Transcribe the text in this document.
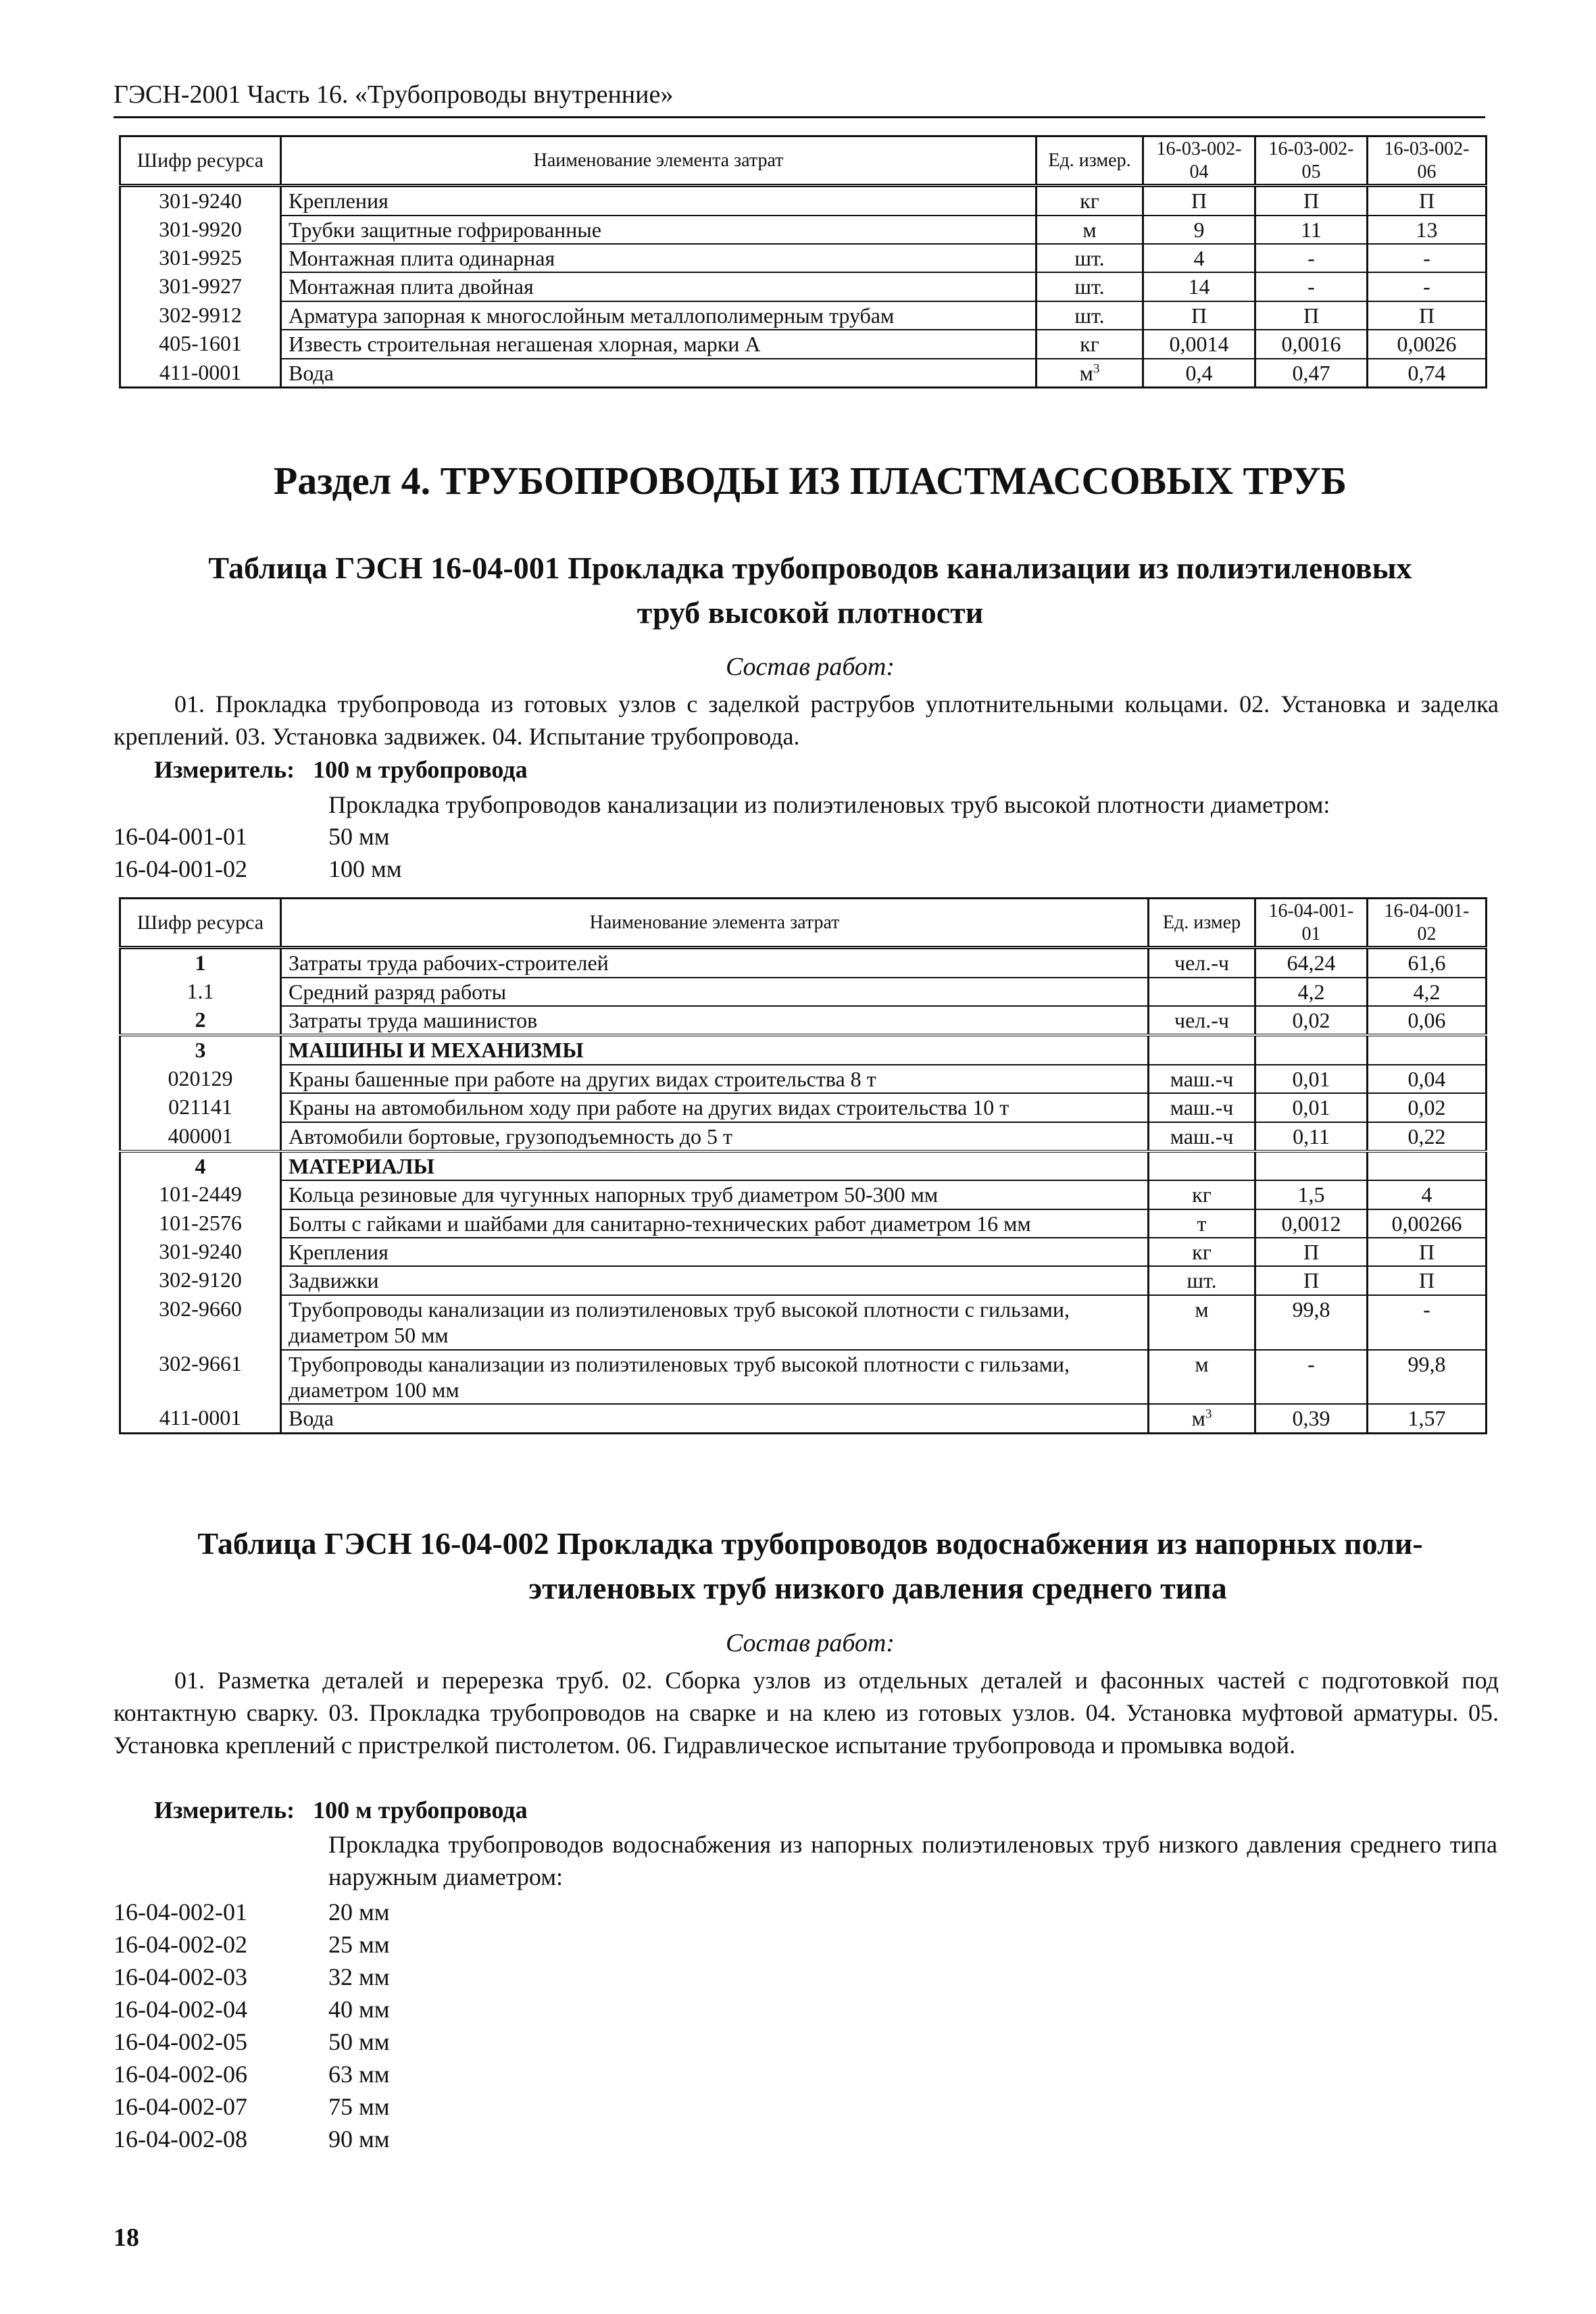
ГЭСН-2001 Часть 16. «Трубопроводы внутренние»
Шифр ресурса	Наименование элемента затрат	Ед. измер.	16-03-002-04	16-03-002-05	16-03-002-06
301-9240	Крепления	кг	П	П	П
301-9920	Трубки защитные гофрированные	м	9	11	13
301-9925	Монтажная плита одинарная	шт.	4	-	-
301-9927	Монтажная плита двойная	шт.	14	-	-
302-9912	Арматура запорная к многослойным металлополимерным трубам	шт.	П	П	П
405-1601	Известь строительная негашеная хлорная, марки А	кг	0,0014	0,0016	0,0026
411-0001	Вода	$м^3$	0,4	0,47	0,74
Раздел 4. ТРУБОПРОВОДЫ ИЗ ПЛАСТМАССОВЫХ ТРУБ
Таблица ГЭСН 16-04-001 Прокладка трубопроводов канализации из полиэтиленовых
труб высокой плотности
Состав работ:

01. Прокладка трубопровода из готовых узлов с заделкой раструбов уплотнительными кольцами. 02. Установка и заделка креплений. 03. Установка задвижек. 04. Испытание трубопровода.

Измеритель: 100 м трубопровода

Прокладка трубопроводов канализации из полиэтиленовых труб высокой плотности диаметром:

16-04-001-01	50 мм
16-04-001-02	100 мм
Шифр ресурса	Наименование элемента затрат	Ед. измер	16-04-001-01	16-04-001-02
1	Затраты труда рабочих-строителей	чел.-ч	64,24	61,6
1.1	Средний разряд работы		4,2	4,2
2	Затраты труда машинистов	чел.-ч	0,02	0,06
3	МАШИНЫ И МЕХАНИЗМЫ			
020129	Краны башенные при работе на других видах строительства 8 т	маш.-ч	0,01	0,04
021141	Краны на автомобильном ходу при работе на других видах строительства 10 т	маш.-ч	0,01	0,02
400001	Автомобили бортовые, грузоподъемность до 5 т	маш.-ч	0,11	0,22
4	МАТЕРИАЛЫ			
101-2449	Кольца резиновые для чугунных напорных труб диаметром 50-300 мм	кг	1,5	4
101-2576	Болты с гайками и шайбами для санитарно-технических работ диаметром 16 мм	т	0,0012	0,00266
301-9240	Крепления	кг	П	П
302-9120	Задвижки	шт.	П	П
302-9660	Трубопроводы канализации из полиэтиленовых труб высокой плотности с гильзами, диаметром 50 мм	м	99,8	-
302-9661	Трубопроводы канализации из полиэтиленовых труб высокой плотности с гильзами, диаметром 100 мм	м	-	99,8
411-0001	Вода	$м^3$	0,39	1,57
Таблица ГЭСН 16-04-002 Прокладка трубопроводов водоснабжения из напорных поли-
этиленовых труб низкого давления среднего типа
Состав работ:

01. Разметка деталей и перерезка труб. 02. Сборка узлов из отдельных деталей и фасонных частей с подготовкой под контактную сварку. 03. Прокладка трубопроводов на сварке и на клею из готовых узлов. 04. Установка муфтовой арматуры. 05. Установка креплений с пристрелкой пистолетом. 06. Гидравлическое испытание трубопровода и промывка водой.

Измеритель: 100 м трубопровода

Прокладка трубопроводов водоснабжения из напорных полиэтиленовых труб низкого давления среднего типа наружным диаметром:

16-04-002-01	20 мм
16-04-002-02	25 мм
16-04-002-03	32 мм
16-04-002-04	40 мм
16-04-002-05	50 мм
16-04-002-06	63 мм
16-04-002-07	75 мм
16-04-002-08	90 мм
18
